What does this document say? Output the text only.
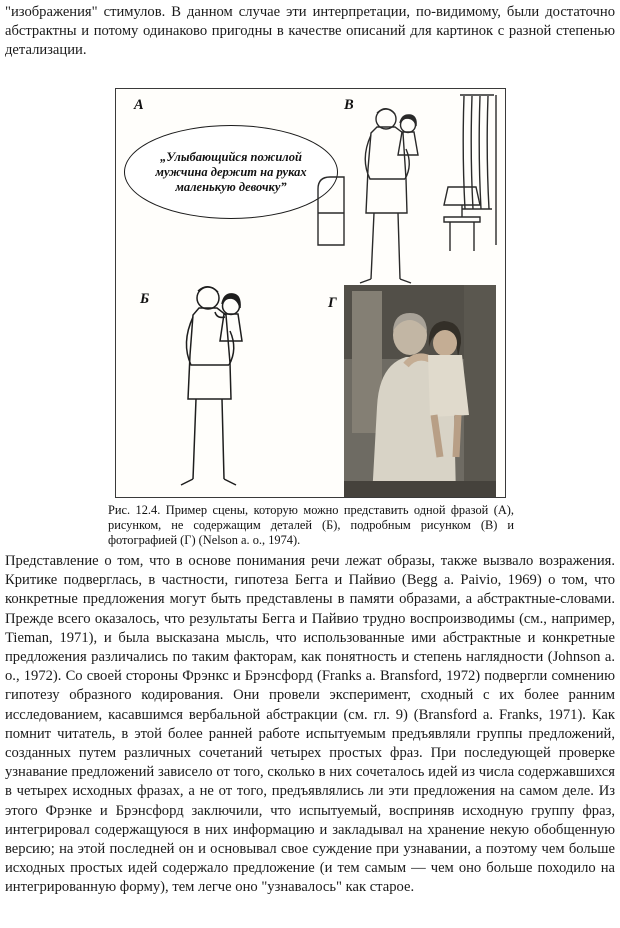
"изображения" стимулов. В данном случае эти интерпретации, по-видимому, были достаточно абстрактны и потому одинаково пригодны в качестве описаний для картинок с разной степенью детализации.
А	В
Б	Г
„Улыбающийся пожилой мужчина держит на руках маленькую девочку”
Рис. 12.4. Пример сцены, которую можно представить одной фразой (А), рисунком, не содержащим деталей (Б), подробным рисунком (В) и фотографией (Г) (Nelson а. о., 1974).
Представление о том, что в основе понимания речи лежат образы, также вызвало возражения. Критике подверглась, в частности, гипотеза Бегга и Пайвио (Begg a. Paivio, 1969) о том, что конкретные предложения могут быть представлены в памяти образами, а абстрактные-словами. Прежде всего оказалось, что результаты Бегга и Пайвио трудно воспроизводимы (см., например, Tieman, 1971), и была высказана мысль, что использованные ими абстрактные и конкретные предложения различались по таким факторам, как понятность и степень наглядности (Johnson a. о., 1972). Со своей стороны Фрэнкс и Брэнсфорд (Franks a. Bransford, 1972) подвергли сомнению гипотезу образного кодирования. Они провели эксперимент, сходный с их более ранним исследованием, касавшимся вербальной абстракции (см. гл. 9) (Bransford a. Franks, 1971). Как помнит читатель, в этой более ранней работе испытуемым предъявляли группы предложений, созданных путем различных сочетаний четырех простых фраз. При последующей проверке узнавание предложений зависело от того, сколько в них сочеталось идей из числа содержавшихся в четырех исходных фразах, а не от того, предъявлялись ли эти предложения на самом деле. Из этого Фрэнке и Брэнсфорд заключили, что испытуемый, восприняв исходную группу фраз, интегрировал содержащуюся в них информацию и закладывал на хранение некую обобщенную версию; на этой последней он и основывал свое суждение при узнавании, а поэтому чем больше исходных простых идей содержало предложение (и тем самым — чем оно больше походило на интегрированную форму), тем легче оно "узнавалось" как старое.
